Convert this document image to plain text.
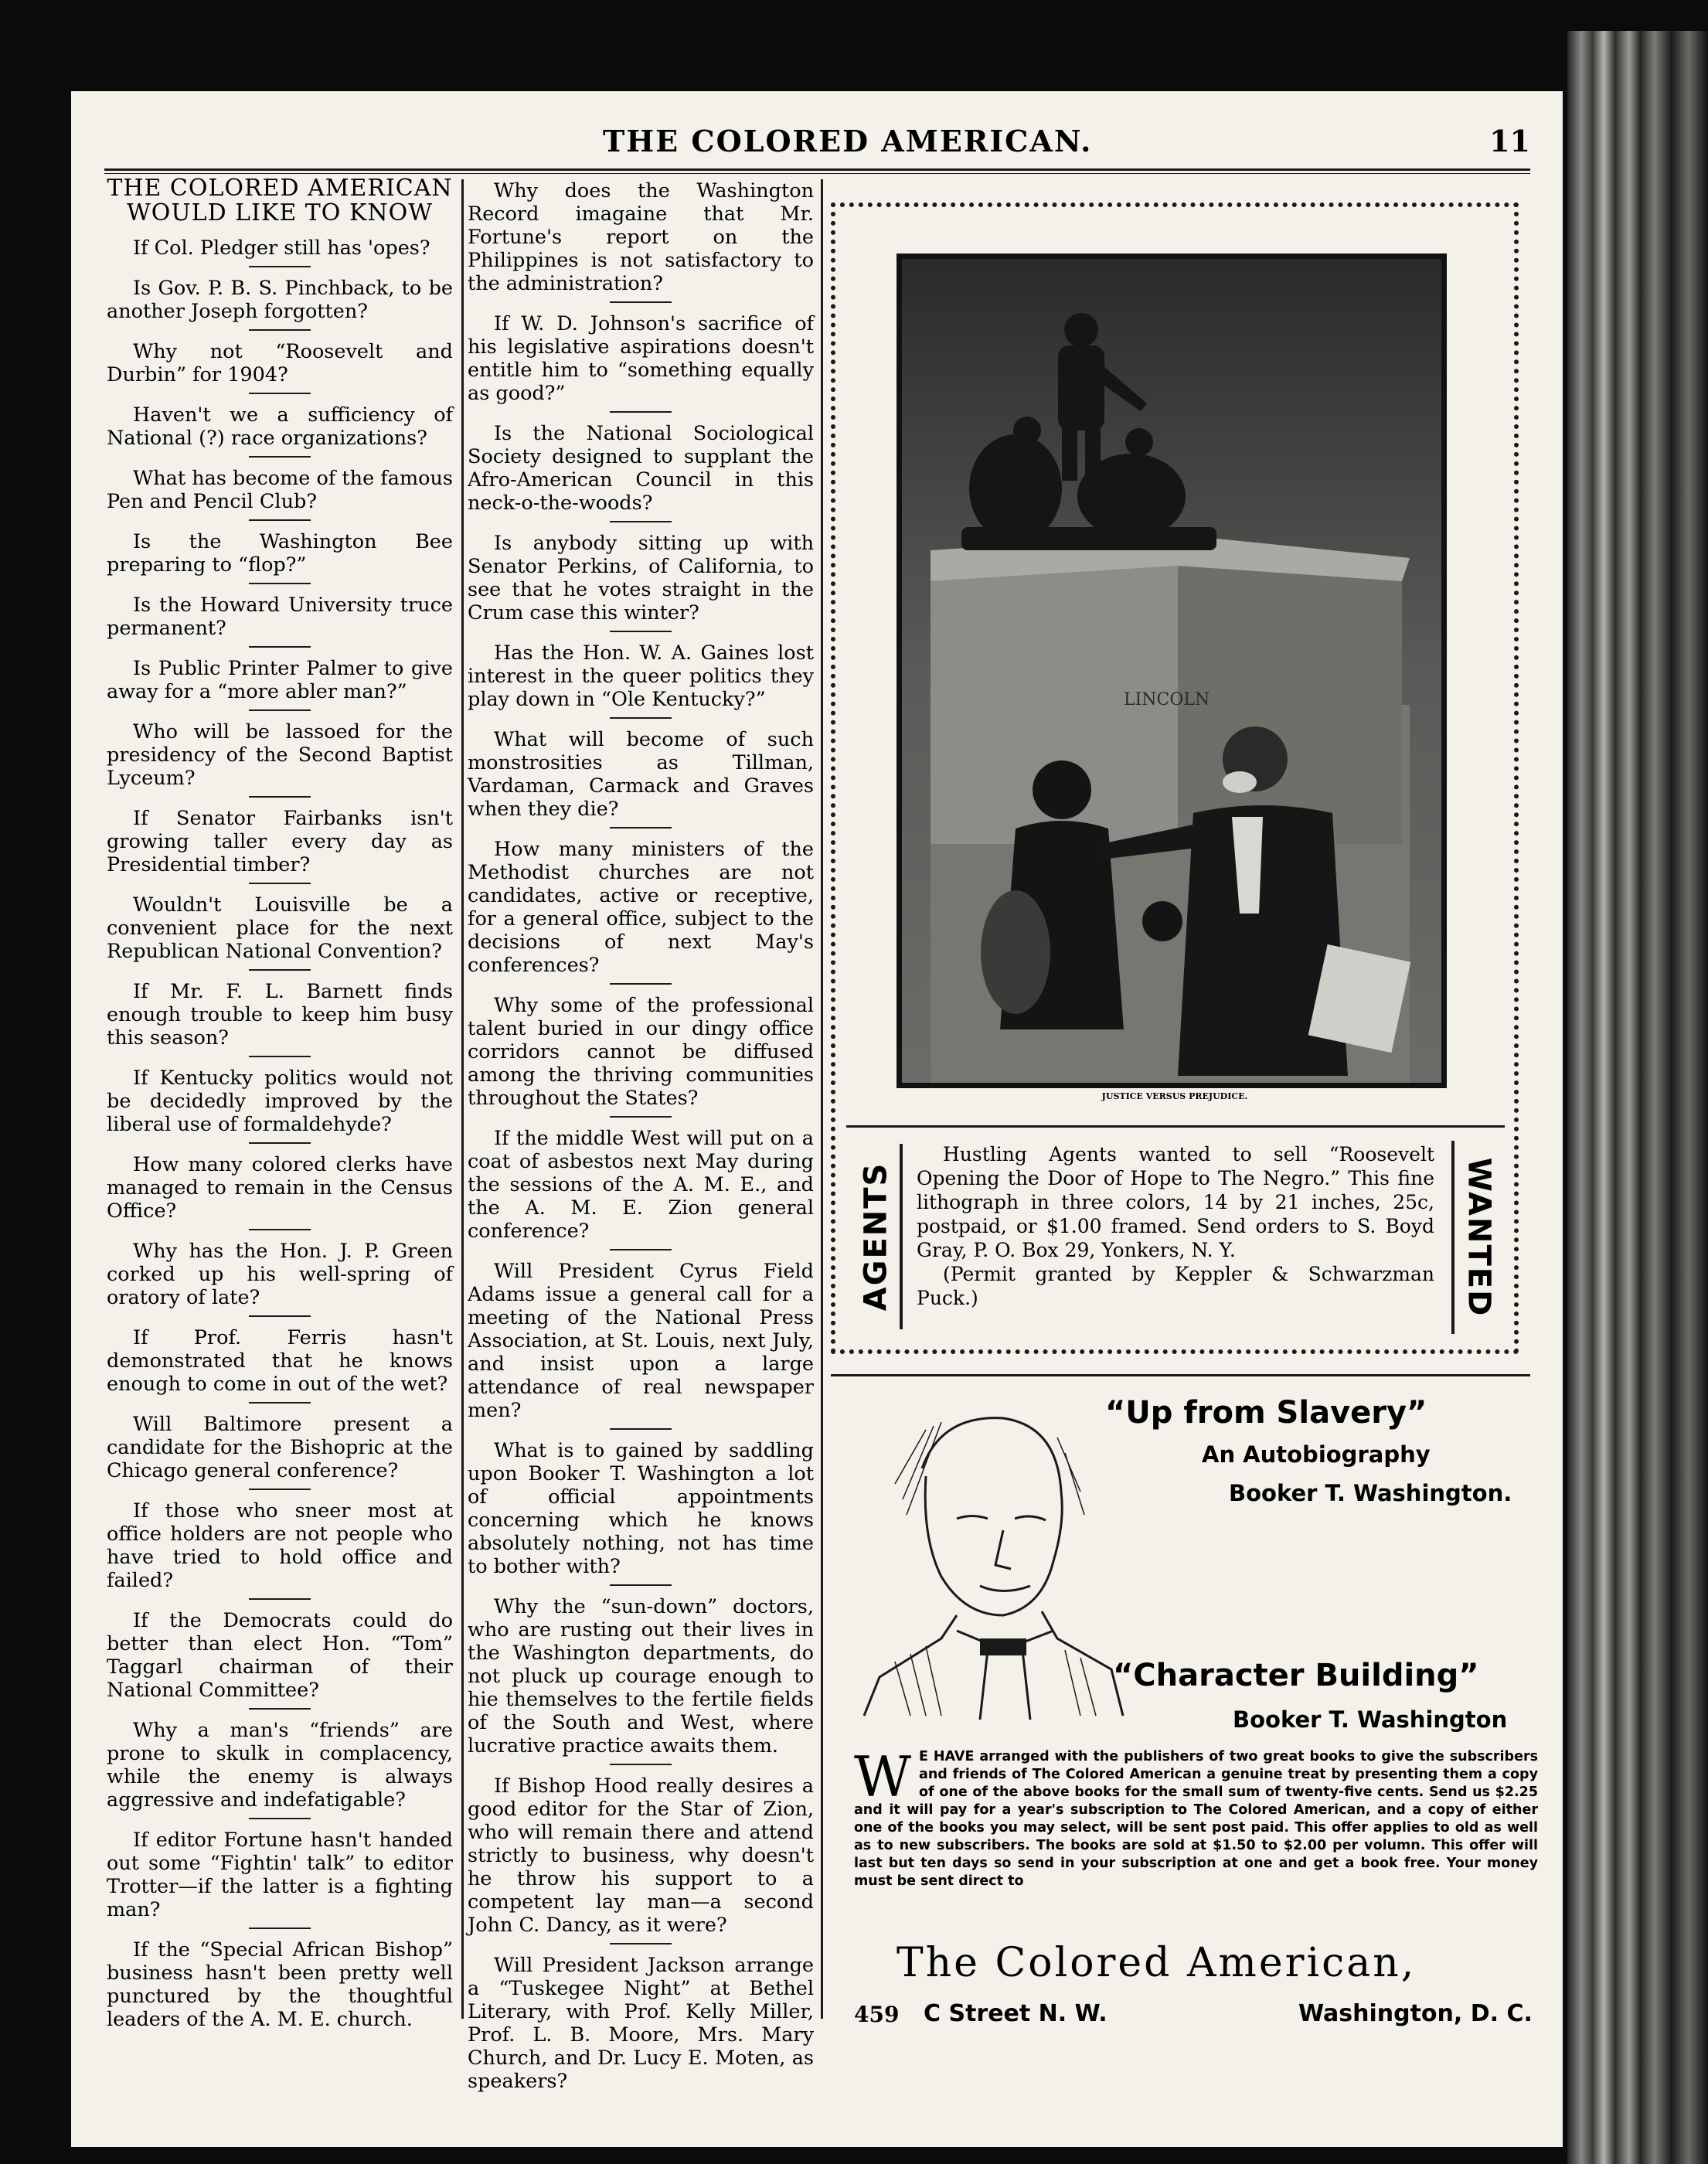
THE COLORED AMERICAN.	11
THE COLORED AMERICAN
WOULD LIKE TO KNOW

If Col. Pledger still has 'opes?

Is Gov. P. B. S. Pinchback, to be another Joseph forgotten?

Why not “Roosevelt and Durbin” for 1904?

Haven't we a sufficiency of National (?) race organizations?

What has become of the famous Pen and Pencil Club?

Is the Washington Bee preparing to “flop?”

Is the Howard University truce permanent?

Is Public Printer Palmer to give away for a “more abler man?”

Who will be lassoed for the presidency of the Second Baptist Lyceum?

If Senator Fairbanks isn't growing taller every day as Presidential timber?

Wouldn't Louisville be a convenient place for the next Republican National Convention?

If Mr. F. L. Barnett finds enough trouble to keep him busy this season?

If Kentucky politics would not be decidedly improved by the liberal use of formaldehyde?

How many colored clerks have managed to remain in the Census Office?

Why has the Hon. J. P. Green corked up his well-spring of oratory of late?

If Prof. Ferris hasn't demonstrated that he knows enough to come in out of the wet?

Will Baltimore present a candidate for the Bishopric at the Chicago general conference?

If those who sneer most at office holders are not people who have tried to hold office and failed?

If the Democrats could do better than elect Hon. “Tom” Taggarl chairman of their National Committee?

Why a man's “friends” are prone to skulk in complacency, while the enemy is always aggressive and indefatigable?

If editor Fortune hasn't handed out some “Fightin' talk” to editor Trotter—if the latter is a fighting man?

If the “Special African Bishop” business hasn't been pretty well punctured by the thoughtful leaders of the A. M. E. church.

Why does the Washington Record imagaine that Mr. Fortune's report on the Philippines is not satisfactory to the administration?

If W. D. Johnson's sacrifice of his legislative aspirations doesn't entitle him to “something equally as good?”

Is the National Sociological Society designed to supplant the Afro-American Council in this neck-o-the-woods?

Is anybody sitting up with Senator Perkins, of California, to see that he votes straight in the Crum case this winter?

Has the Hon. W. A. Gaines lost interest in the queer politics they play down in “Ole Kentucky?”

What will become of such monstrosities as Tillman, Vardaman, Carmack and Graves when they die?

How many ministers of the Methodist churches are not candidates, active or receptive, for a general office, subject to the decisions of next May's conferences?

Why some of the professional talent buried in our dingy office corridors cannot be diffused among the thriving communities throughout the States?

If the middle West will put on a coat of asbestos next May during the sessions of the A. M. E., and the A. M. E. Zion general conference?

Will President Cyrus Field Adams issue a general call for a meeting of the National Press Association, at St. Louis, next July, and insist upon a large attendance of real newspaper men?

What is to gained by saddling upon Booker T. Washington a lot of official appointments concerning which he knows absolutely nothing, not has time to bother with?

Why the “sun-down” doctors, who are rusting out their lives in the Washington departments, do not pluck up courage enough to hie themselves to the fertile fields of the South and West, where lucrative practice awaits them.

If Bishop Hood really desires a good editor for the Star of Zion, who will remain there and attend strictly to business, why doesn't he throw his support to a competent lay man—a second John C. Dancy, as it were?

Will President Jackson arrange a “Tuskegee Night” at Bethel Literary, with Prof. Kelly Miller, Prof. L. B. Moore, Mrs. Mary Church, and Dr. Lucy E. Moten, as speakers?

LINCOLN
JUSTICE VERSUS PREJUDICE.
AGENTS

Hustling Agents wanted to sell “Roosevelt Opening the Door of Hope to The Negro.” This fine lithograph in three colors, 14 by 21 inches, 25c, postpaid, or $1.00 framed. Send orders to S. Boyd Gray, P. O. Box 29, Yonkers, N. Y.

(Permit granted by Keppler & Schwarzman Puck.)	WANTED
“Up from Slavery”
An Autobiography
Booker T. Washington.
“Character Building”
Booker T. Washington
W E HAVE arranged with the publishers of two great books to give the subscribers and friends of The Colored American a genuine treat by presenting them a copy of one of the above books for the small sum of twenty-five cents. Send us $2.25 and it will pay for a year's subscription to The Colored American, and a copy of either one of the books you may select, will be sent post paid. This offer applies to old as well as to new subscribers. The books are sold at $1.50 to $2.00 per volumn. This offer will last but ten days so send in your subscription at one and get a book free. Your money must be sent direct to
The Colored American,
459 C Street N. W.	Washington, D. C.
